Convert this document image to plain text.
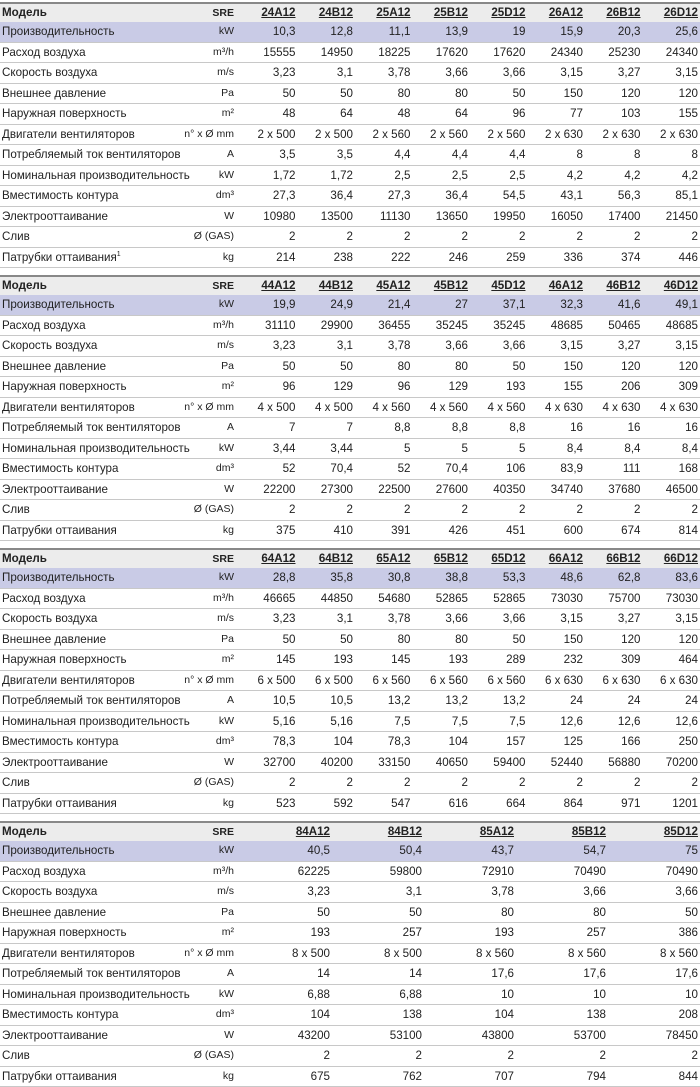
Модель	SRE	24A12	24B12	25A12	25B12	25D12	26A12	26B12	26D12
Производительность	kW	10,3	12,8	11,1	13,9	19	15,9	20,3	25,6
Расход воздуха	m³/h	15555	14950	18225	17620	17620	24340	25230	24340
Скорость воздуха	m/s	3,23	3,1	3,78	3,66	3,66	3,15	3,27	3,15
Внешнее давление	Pa	50	50	80	80	50	150	120	120
Наружная поверхность	m²	48	64	48	64	96	77	103	155
Двигатели вентиляторов	n° x Ø mm	2 x 500	2 x 500	2 x 560	2 x 560	2 x 560	2 x 630	2 x 630	2 x 630
Потребляемый ток вентиляторов	A	3,5	3,5	4,4	4,4	4,4	8	8	8
Номинальная производительность	kW	1,72	1,72	2,5	2,5	2,5	4,2	4,2	4,2
Вместимость контура	dm³	27,3	36,4	27,3	36,4	54,5	43,1	56,3	85,1
Электрооттаивание	W	10980	13500	11130	13650	19950	16050	17400	21450
Слив	Ø (GAS)	2	2	2	2	2	2	2	2
Патрубки оттаивания$^1$	kg	214	238	222	246	259	336	374	446
Модель	SRE	44A12	44B12	45A12	45B12	45D12	46A12	46B12	46D12
Производительность	kW	19,9	24,9	21,4	27	37,1	32,3	41,6	49,1
Расход воздуха	m³/h	31110	29900	36455	35245	35245	48685	50465	48685
Скорость воздуха	m/s	3,23	3,1	3,78	3,66	3,66	3,15	3,27	3,15
Внешнее давление	Pa	50	50	80	80	50	150	120	120
Наружная поверхность	m²	96	129	96	129	193	155	206	309
Двигатели вентиляторов	n° x Ø mm	4 x 500	4 x 500	4 x 560	4 x 560	4 x 560	4 x 630	4 x 630	4 x 630
Потребляемый ток вентиляторов	A	7	7	8,8	8,8	8,8	16	16	16
Номинальная производительность	kW	3,44	3,44	5	5	5	8,4	8,4	8,4
Вместимость контура	dm³	52	70,4	52	70,4	106	83,9	111	168
Электрооттаивание	W	22200	27300	22500	27600	40350	34740	37680	46500
Слив	Ø (GAS)	2	2	2	2	2	2	2	2
Патрубки оттаивания	kg	375	410	391	426	451	600	674	814
Модель	SRE	64A12	64B12	65A12	65B12	65D12	66A12	66B12	66D12
Производительность	kW	28,8	35,8	30,8	38,8	53,3	48,6	62,8	83,6
Расход воздуха	m³/h	46665	44850	54680	52865	52865	73030	75700	73030
Скорость воздуха	m/s	3,23	3,1	3,78	3,66	3,66	3,15	3,27	3,15
Внешнее давление	Pa	50	50	80	80	50	150	120	120
Наружная поверхность	m²	145	193	145	193	289	232	309	464
Двигатели вентиляторов	n° x Ø mm	6 x 500	6 x 500	6 x 560	6 x 560	6 x 560	6 x 630	6 x 630	6 x 630
Потребляемый ток вентиляторов	A	10,5	10,5	13,2	13,2	13,2	24	24	24
Номинальная производительность	kW	5,16	5,16	7,5	7,5	7,5	12,6	12,6	12,6
Вместимость контура	dm³	78,3	104	78,3	104	157	125	166	250
Электрооттаивание	W	32700	40200	33150	40650	59400	52440	56880	70200
Слив	Ø (GAS)	2	2	2	2	2	2	2	2
Патрубки оттаивания	kg	523	592	547	616	664	864	971	1201
Модель	SRE	84A12	84B12	85A12	85B12	85D12
Производительность	kW	40,5	50,4	43,7	54,7	75
Расход воздуха	m³/h	62225	59800	72910	70490	70490
Скорость воздуха	m/s	3,23	3,1	3,78	3,66	3,66
Внешнее давление	Pa	50	50	80	80	50
Наружная поверхность	m²	193	257	193	257	386
Двигатели вентиляторов	n° x Ø mm	8 x 500	8 x 500	8 x 560	8 x 560	8 x 560
Потребляемый ток вентиляторов	A	14	14	17,6	17,6	17,6
Номинальная производительность	kW	6,88	6,88	10	10	10
Вместимость контура	dm³	104	138	104	138	208
Электрооттаивание	W	43200	53100	43800	53700	78450
Слив	Ø (GAS)	2	2	2	2	2
Патрубки оттаивания	kg	675	762	707	794	844
